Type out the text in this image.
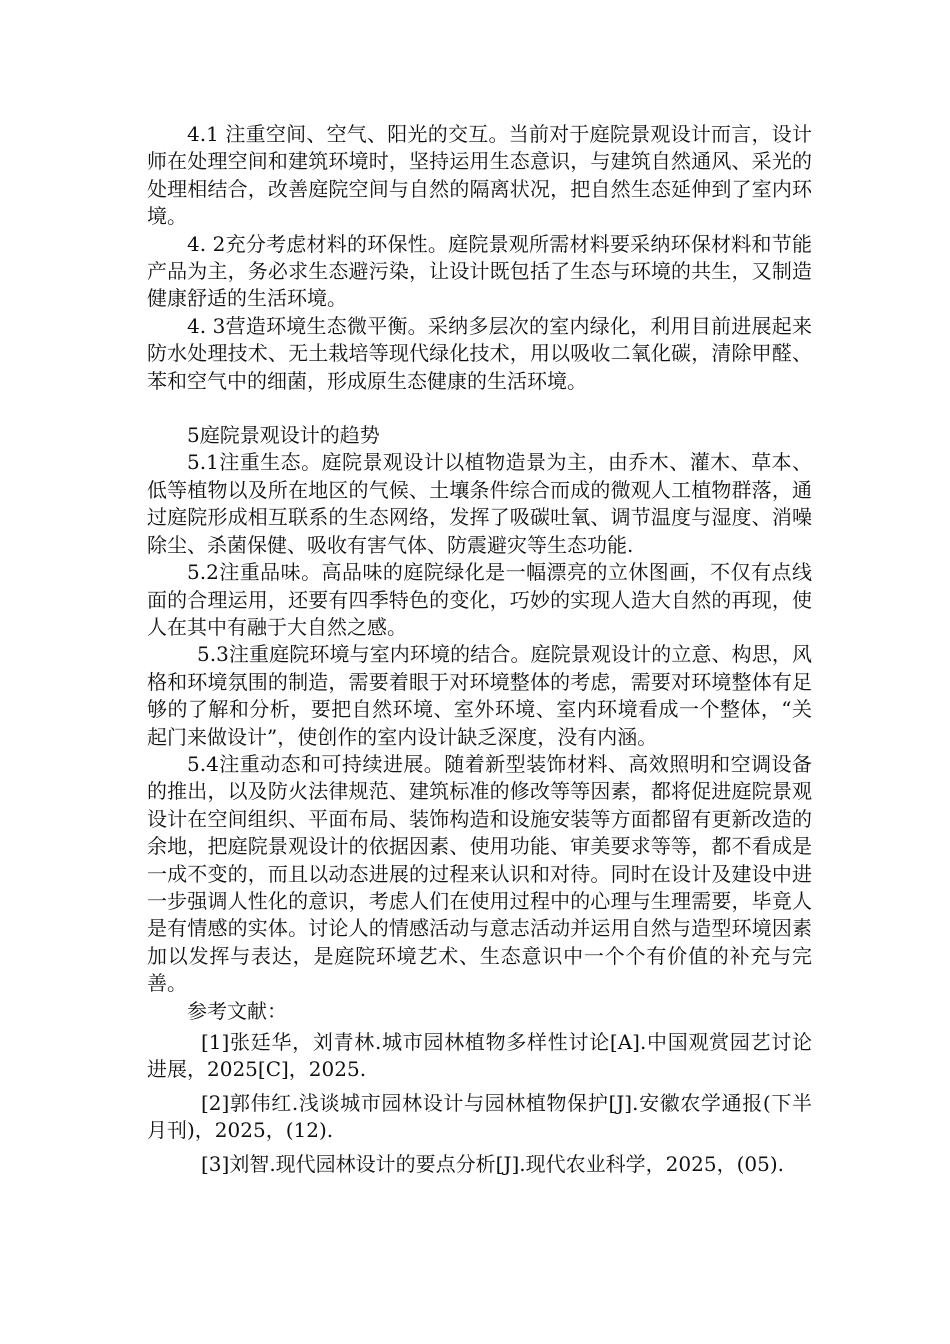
4.1 注重空间、空气、阳光的交互。当前对于庭院景观设计而言，设计师在处理空间和建筑环境时，坚持运用生态意识，与建筑自然通风、采光的处理相结合，改善庭院空间与自然的隔离状况，把自然生态延伸到了室内环境。

4. 2充分考虑材料的环保性。庭院景观所需材料要采纳环保材料和节能产品为主，务必求生态避污染，让设计既包括了生态与环境的共生，又制造健康舒适的生活环境。

4. 3营造环境生态微平衡。采纳多层次的室内绿化，利用目前进展起来防水处理技术、无土栽培等现代绿化技术，用以吸收二氧化碳，清除甲醛、苯和空气中的细菌，形成原生态健康的生活环境。

5庭院景观设计的趋势

5.1注重生态。庭院景观设计以植物造景为主，由乔木、灌木、草本、低等植物以及所在地区的气候、土壤条件综合而成的微观人工植物群落，通过庭院形成相互联系的生态网络，发挥了吸碳吐氧、调节温度与湿度、消噪除尘、杀菌保健、吸收有害气体、防震避灾等生态功能.

5.2注重品味。高品味的庭院绿化是一幅漂亮的立休图画，不仅有点线面的合理运用，还要有四季特色的变化，巧妙的实现人造大自然的再现，使人在其中有融于大自然之感。

5.3注重庭院环境与室内环境的结合。庭院景观设计的立意、构思，风格和环境氛围的制造，需要着眼于对环境整体的考虑，需要对环境整体有足够的了解和分析，要把自然环境、室外环境、室内环境看成一个整体，“关起门来做设计”，使创作的室内设计缺乏深度，没有内涵。

5.4注重动态和可持续进展。随着新型装饰材料、高效照明和空调设备的推出，以及防火法律规范、建筑标准的修改等等因素，都将促进庭院景观设计在空间组织、平面布局、装饰构造和设施安装等方面都留有更新改造的余地，把庭院景观设计的依据因素、使用功能、审美要求等等，都不看成是一成不变的，而且以动态进展的过程来认识和对待。同时在设计及建设中进一步强调人性化的意识，考虑人们在使用过程中的心理与生理需要，毕竟人是有情感的实体。讨论人的情感活动与意志活动并运用自然与造型环境因素加以发挥与表达，是庭院环境艺术、生态意识中一个个有价值的补充与完善。

参考文献：

[1]张廷华，刘青林.城市园林植物多样性讨论[A].中国观赏园艺讨论进展，2025[C]，2025.

[2]郭伟红.浅谈城市园林设计与园林植物保护[J].安徽农学通报(下半月刊)，2025，(12).

[3]刘智.现代园林设计的要点分析[J].现代农业科学，2025，(05).
